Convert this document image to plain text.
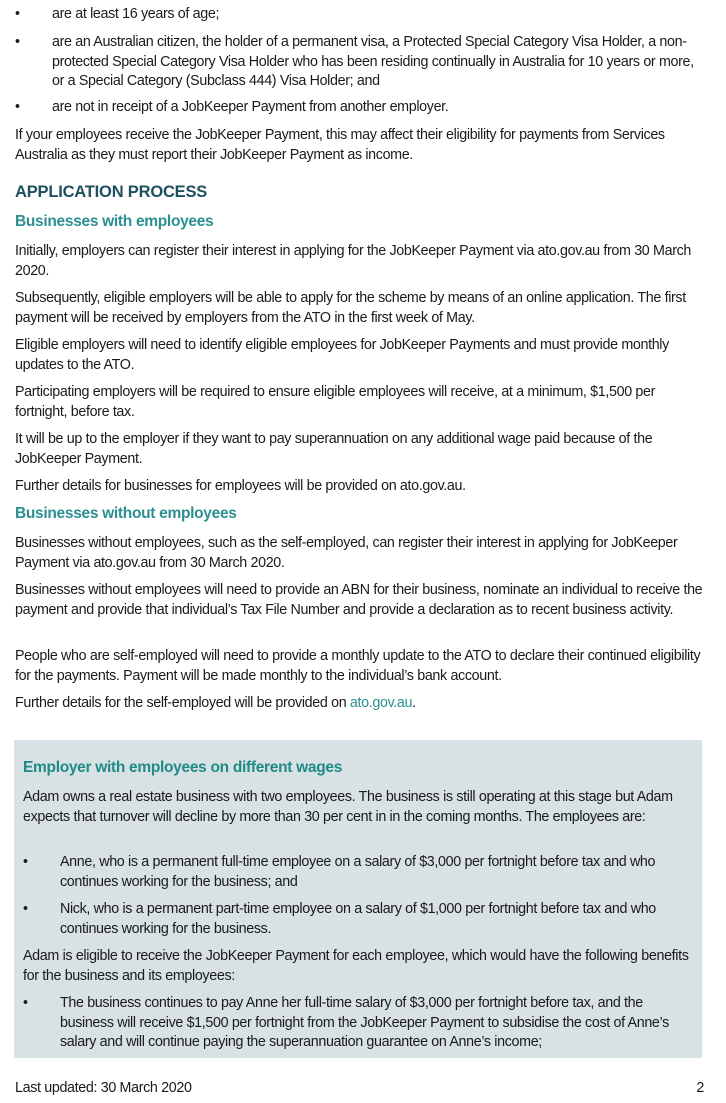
•	are at least 16 years of age;
•	are an Australian citizen, the holder of a permanent visa, a Protected Special Category Visa Holder, a non-protected Special Category Visa Holder who has been residing continually in Australia for 10 years or more, or a Special Category (Subclass 444) Visa Holder; and
•	are not in receipt of a JobKeeper Payment from another employer.

If your employees receive the JobKeeper Payment, this may affect their eligibility for payments from Services Australia as they must report their JobKeeper Payment as income.

APPLICATION PROCESS
Businesses with employees

Initially, employers can register their interest in applying for the JobKeeper Payment via ato.gov.au from 30 March 2020.

Subsequently, eligible employers will be able to apply for the scheme by means of an online application. The first payment will be received by employers from the ATO in the first week of May.

Eligible employers will need to identify eligible employees for JobKeeper Payments and must provide monthly updates to the ATO.

Participating employers will be required to ensure eligible employees will receive, at a minimum, $1,500 per fortnight, before tax.

It will be up to the employer if they want to pay superannuation on any additional wage paid because of the JobKeeper Payment.

Further details for businesses for employees will be provided on ato.gov.au.

Businesses without employees

Businesses without employees, such as the self-employed, can register their interest in applying for JobKeeper Payment via ato.gov.au from 30 March 2020.

Businesses without employees will need to provide an ABN for their business, nominate an individual to receive the payment and provide that individual’s Tax File Number and provide a declaration as to recent business activity.

People who are self-employed will need to provide a monthly update to the ATO to declare their continued eligibility for the payments. Payment will be made monthly to the individual’s bank account.

Further details for the self-employed will be provided on ato.gov.au.

Employer with employees on different wages

Adam owns a real estate business with two employees. The business is still operating at this stage but Adam expects that turnover will decline by more than 30 per cent in in the coming months. The employees are:

•	Anne, who is a permanent full-time employee on a salary of $3,000 per fortnight before tax and who continues working for the business; and
•	Nick, who is a permanent part-time employee on a salary of $1,000 per fortnight before tax and who continues working for the business.

Adam is eligible to receive the JobKeeper Payment for each employee, which would have the following benefits for the business and its employees:

•	The business continues to pay Anne her full-time salary of $3,000 per fortnight before tax, and the business will receive $1,500 per fortnight from the JobKeeper Payment to subsidise the cost of Anne’s salary and will continue paying the superannuation guarantee on Anne’s income;

Last updated: 30 March 2020	2
